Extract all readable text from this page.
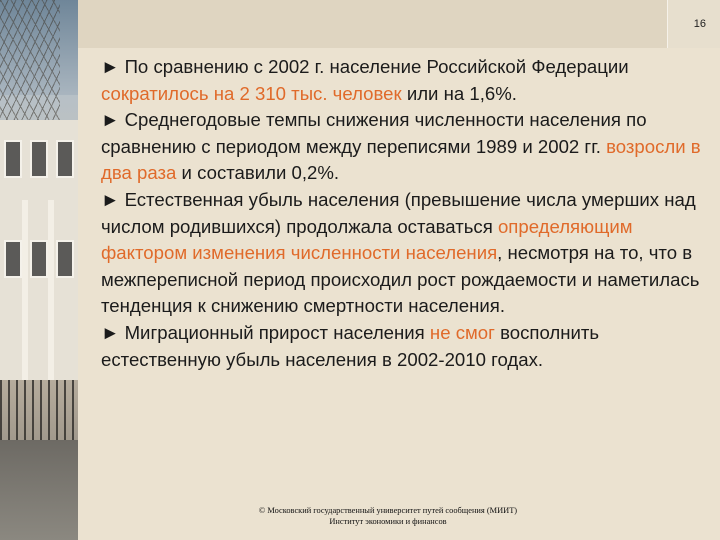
16

► По сравнению с 2002 г. население Российской Федерации сократилось на 2 310 тыс. человек или на 1,6%.

► Среднегодовые темпы снижения численности населения по сравнению с периодом между переписями 1989 и 2002 гг. возросли в два раза и составили 0,2%.

► Естественная убыль населения (превышение числа умерших над числом родившихся) продолжала оставаться определяющим фактором изменения численности населения, несмотря на то, что в межпереписной период происходил рост рождаемости и наметилась тенденция к снижению смертности населения.

► Миграционный прирост населения не смог восполнить естественную убыль населения в 2002-2010 годах.

© Московский государственный университет путей сообщения (МИИТ)
Институт экономики и финансов
